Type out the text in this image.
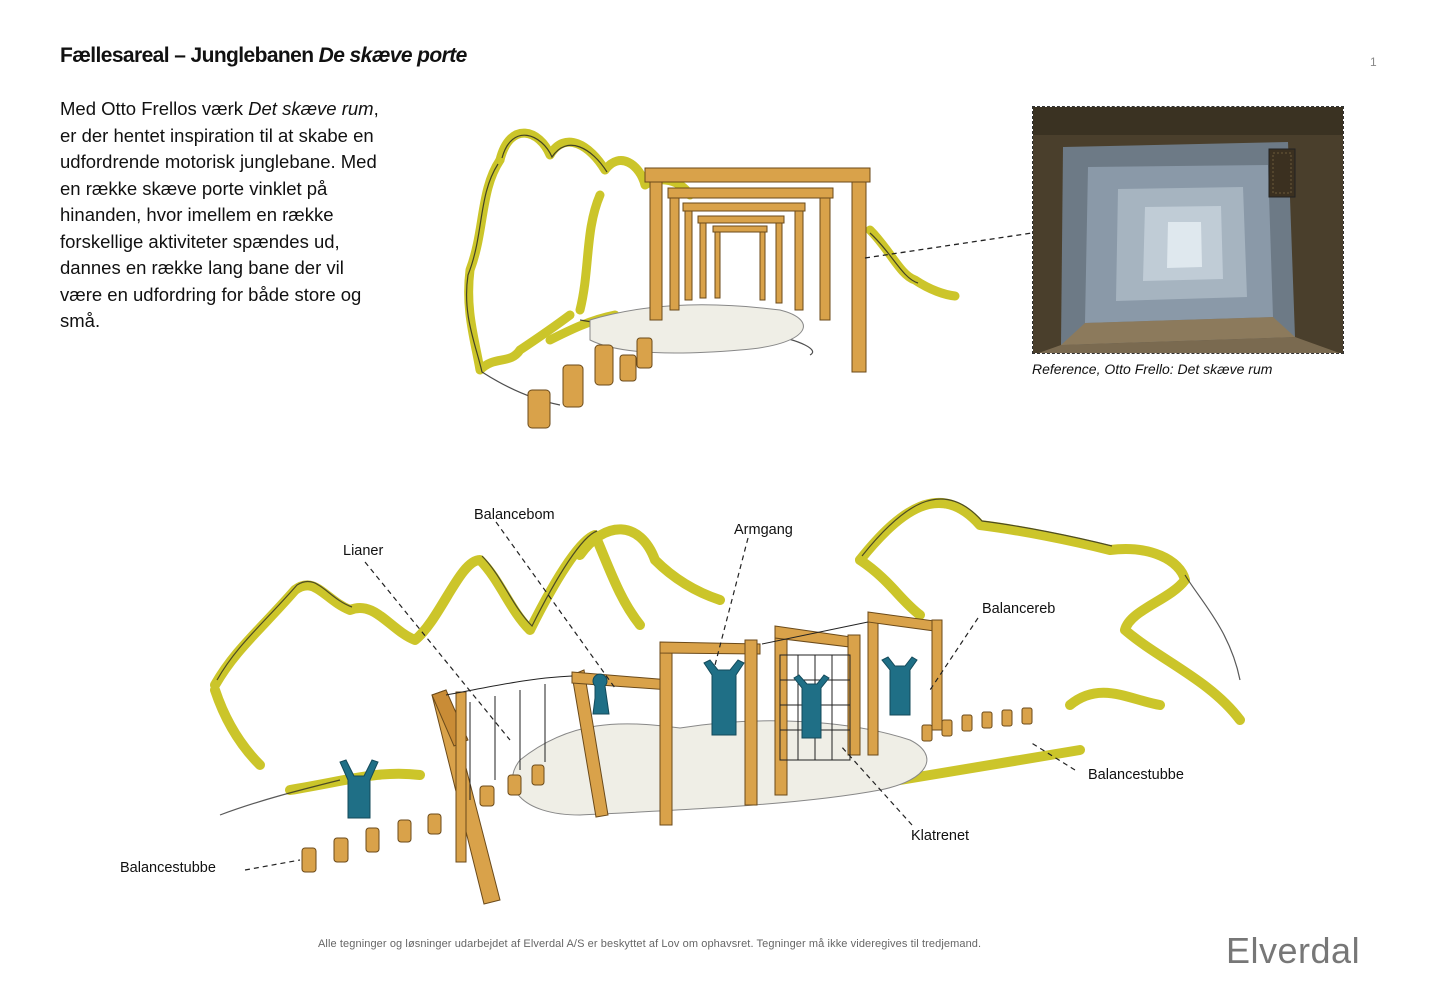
Fællesareal – Junglebanen De skæve porte	1
Med Otto Frellos værk Det skæve rum, er der hentet inspiration til at skabe en udfordrende motorisk junglebane. Med en række skæve porte vinklet på hinanden, hvor imellem en række forskellige aktiviteter spændes ud, dannes en række lang bane der vil være en udfordring for både store og små.
Reference, Otto Frello: Det skæve rum
Balancebom
Armgang
Lianer
Balancereb
Balancestubbe
Klatrenet
Balancestubbe
Alle tegninger og løsninger udarbejdet af Elverdal A/S er beskyttet af Lov om ophavsret. Tegninger må ikke videregives til tredjemand.	Elverdal
